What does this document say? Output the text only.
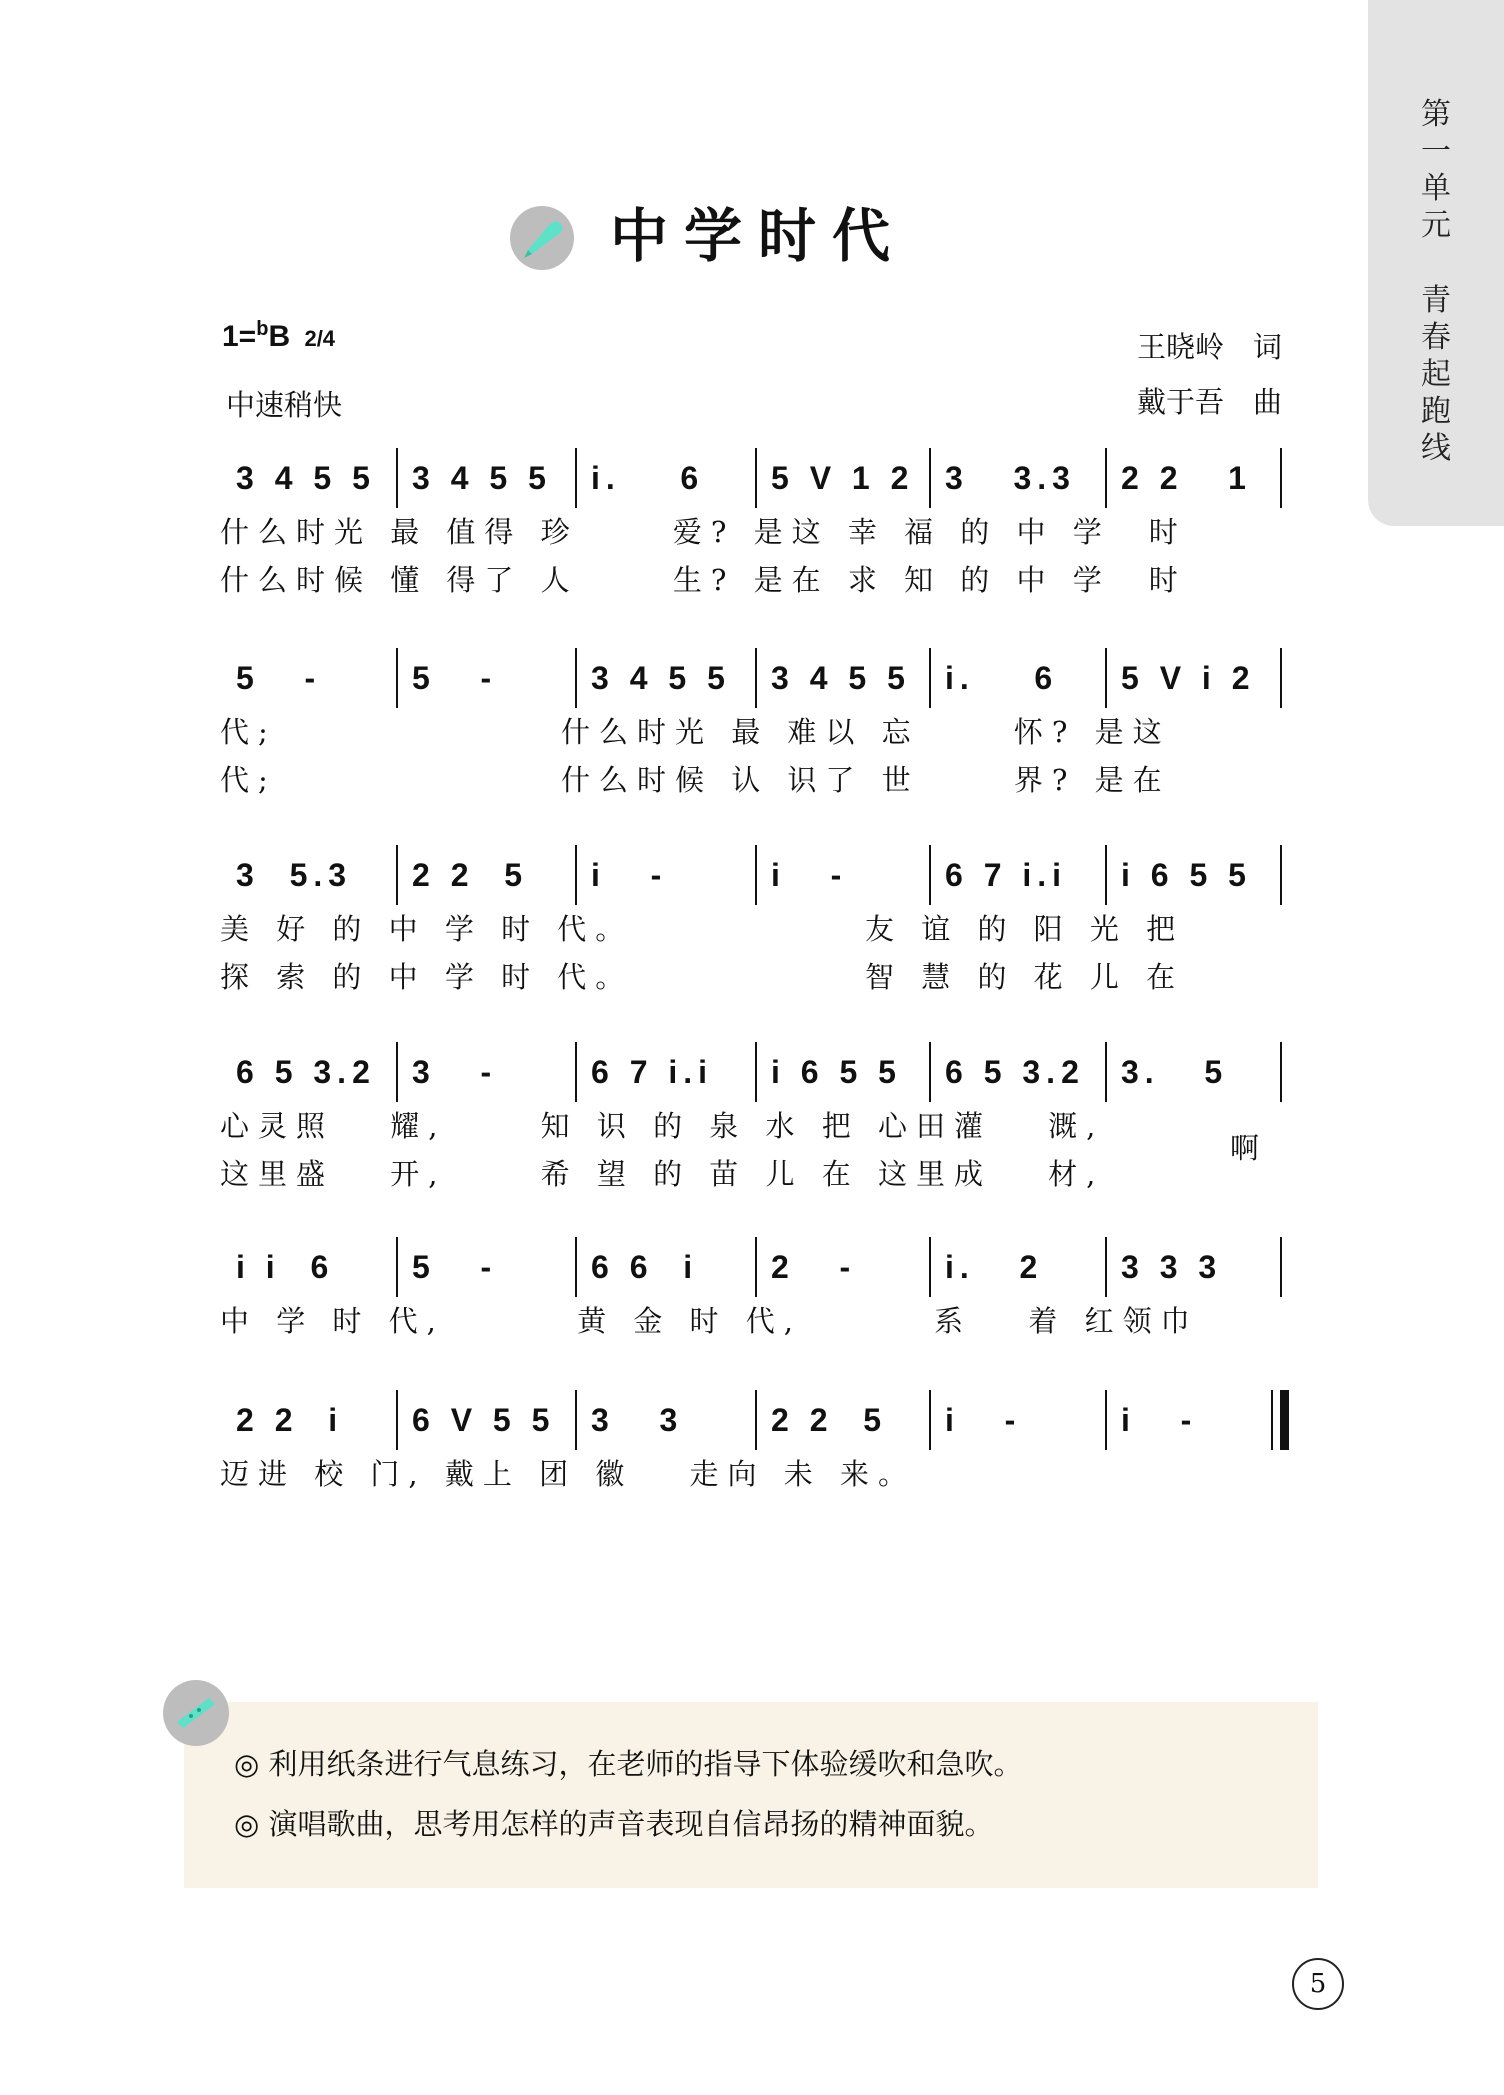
第
一
单
元
青
春
起
跑
线
中学时代
1=$^b$B 2/4
中速稍快
王晓岭　词
戴于吾　曲
3 4 5 5	3 4 5 5	i.    6	5 V 1 2 3   3.3	2 2   1
什么时光 最 值得 珍　　 爱? 是这 幸 福 的 中 学　时
什么时候 懂 得了 人　　 生? 是在 求 知 的 中 学　时
5   -	5   -	3 4 5 5	3 4 5 5	i.    6	5 V i 2
代;　　　　　　　 什么时光 最 难以 忘　　 怀? 是这
代;　　　　　　　 什么时候 认 识了 世　　 界? 是在
3  5.3	2 2  5	i   -	i   -	6 7 i.i	i 6 5 5
美 好 的 中 学 时 代。　　　　　　 友 谊 的 阳 光 把
探 索 的 中 学 时 代。　　　　　　 智 慧 的 花 儿 在
6 5 3.2	3   -	6 7 i.i	i 6 5 5	6 5 3.2	3.   5
心灵照　 耀,　　 知 识 的 泉 水 把 心田灌　 溉,
这里盛　 开,　　 希 望 的 苗 儿 在 这里成　 材,
啊
i i  6	5   -	6 6  i	2   -	i.   2	3 3 3
中 学 时 代,　　　 黄 金 时 代,　　　 系　 着 红领巾
2 2  i	6 V 5 5	3   3	2 2  5	i   -	i   -
迈进 校 门, 戴上 团 徽　 走向 未 来。
◎ 利用纸条进行气息练习，在老师的指导下体验缓吹和急吹。
◎ 演唱歌曲，思考用怎样的声音表现自信昂扬的精神面貌。
5
